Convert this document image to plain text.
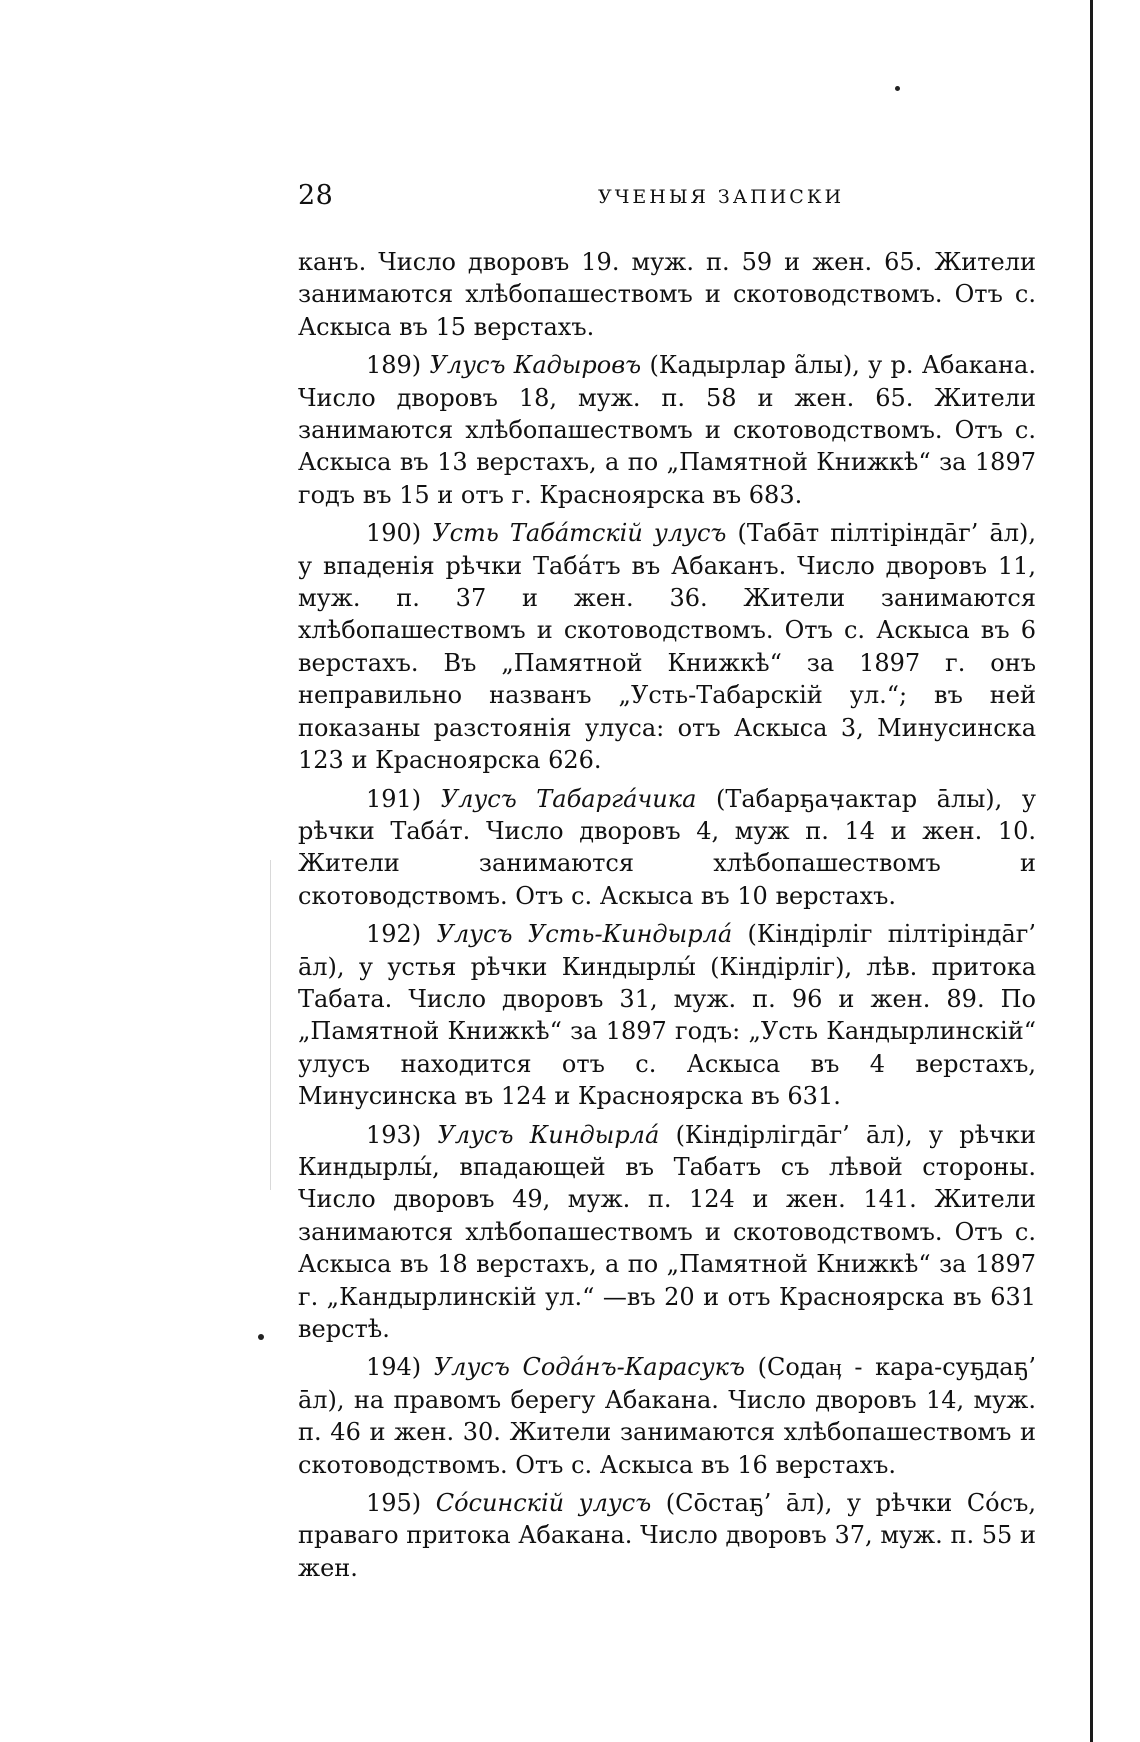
28	УЧЕНЫЯ ЗАПИСКИ

канъ. Число дворовъ 19. муж. п. 59 и жен. 65. Жители занимаются хлѣбопашествомъ и скотоводствомъ. Отъ с. Аскыса въ 15 верстахъ.

189) Улусъ Кадыровъ (Кадырлар ãлы), у р. Абакана. Число дворовъ 18, муж. п. 58 и жен. 65. Жители занимаются хлѣбопашествомъ и скотоводствомъ. Отъ с. Аскыса въ 13 верстахъ, а по „Памятной Книжкѣ“ за 1897 годъ въ 15 и отъ г. Красноярска въ 683.

190) Усть Табáтскій улусъ (Табāт пiлтiрiндāг’ āл), у впаденія рѣчки Табáтъ въ Абаканъ. Число дворовъ 11, муж. п. 37 и жен. 36. Жители занимаются хлѣбопашествомъ и скотоводствомъ. Отъ с. Аскыса въ 6 верстахъ. Въ „Памятной Книжкѣ“ за 1897 г. онъ неправильно названъ „Усть-Табарскій ул.“; въ ней показаны разстоянія улуса: отъ Аскыса 3, Минусинска 123 и Красноярска 626.

191) Улусъ Табаргáчика (Табарҕаӌактар āлы), у рѣчки Табáт. Число дворовъ 4, муж п. 14 и жен. 10. Жители занимаются хлѣбопашествомъ и скотоводствомъ. Отъ с. Аскыса въ 10 верстахъ.

192) Улусъ Усть-Киндырлá (Кiндiрлiг пiлтiрiндāг’ āл), у устья рѣчки Киндырлы́ (Кiндiрлiг), лѣв. притока Табата. Число дворовъ 31, муж. п. 96 и жен. 89. По „Памятной Книжкѣ“ за 1897 годъ: „Усть Кандырлинскій“ улусъ находится отъ с. Аскыса въ 4 верстахъ, Минусинска въ 124 и Красноярска въ 631.

193) Улусъ Киндырлá (Кiндiрлiгдāг’ āл), у рѣчки Киндырлы́, впадающей въ Табатъ съ лѣвой стороны. Число дворовъ 49, муж. п. 124 и жен. 141. Жители занимаются хлѣбопашествомъ и скотоводствомъ. Отъ с. Аскыса въ 18 верстахъ, а по „Памятной Книжкѣ“ за 1897 г. „Кандырлинскій ул.“ —въ 20 и отъ Красноярска въ 631 верстѣ.

194) Улусъ Содáнъ-Карасукъ (Содаӊ - кара-суҕдаҕ’ āл), на правомъ берегу Абакана. Число дворовъ 14, муж. п. 46 и жен. 30. Жители занимаются хлѣбопашествомъ и скотоводствомъ. Отъ с. Аскыса въ 16 верстахъ.

195) Сóсинскій улусъ (Сōстаҕ’ āл), у рѣчки Сóсъ, праваго притока Абакана. Число дворовъ 37, муж. п. 55 и жен.
